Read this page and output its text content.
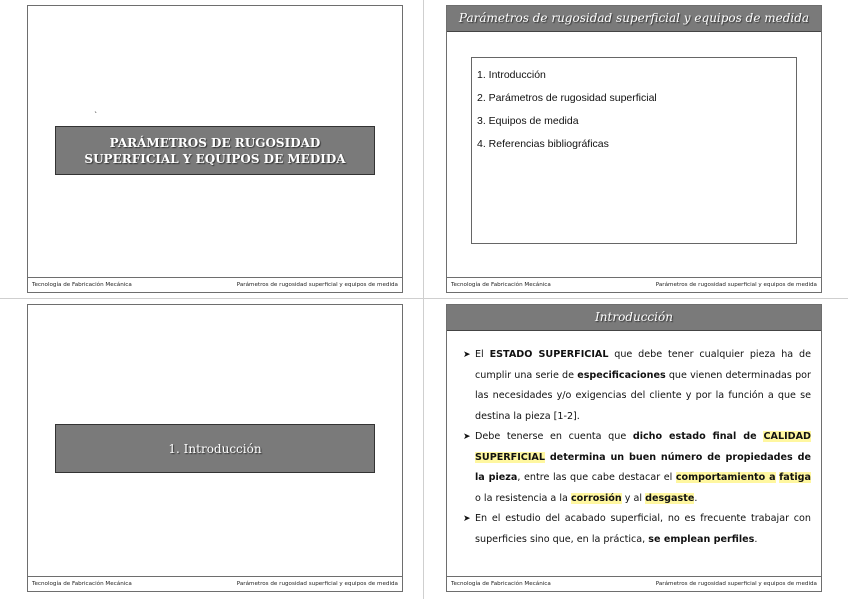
`
PARÁMETROS DE RUGOSIDAD SUPERFICIAL Y EQUIPOS DE MEDIDA
Tecnología de Fabricación Mecánica	Parámetros de rugosidad superficial y equipos de medida
Parámetros de rugosidad superficial y equipos de medida
1. Introducción
2. Parámetros de rugosidad superficial
3. Equipos de medida
4. Referencias bibliográficas
Tecnología de Fabricación Mecánica	Parámetros de rugosidad superficial y equipos de medida
1. Introducción
Tecnología de Fabricación Mecánica	Parámetros de rugosidad superficial y equipos de medida
Introducción
➤ El ESTADO SUPERFICIAL que debe tener cualquier pieza ha de cumplir una serie de especificaciones que vienen determinadas por las necesidades y/o exigencias del cliente y por la función a que se destina la pieza [1-2].
➤ Debe tenerse en cuenta que dicho estado final de CALIDAD SUPERFICIAL determina un buen número de propiedades de la pieza, entre las que cabe destacar el comportamiento a fatiga o la resistencia a la corrosión y al desgaste.
➤ En el estudio del acabado superficial, no es frecuente trabajar con superficies sino que, en la práctica, se emplean perfiles.
Tecnología de Fabricación Mecánica	Parámetros de rugosidad superficial y equipos de medida
